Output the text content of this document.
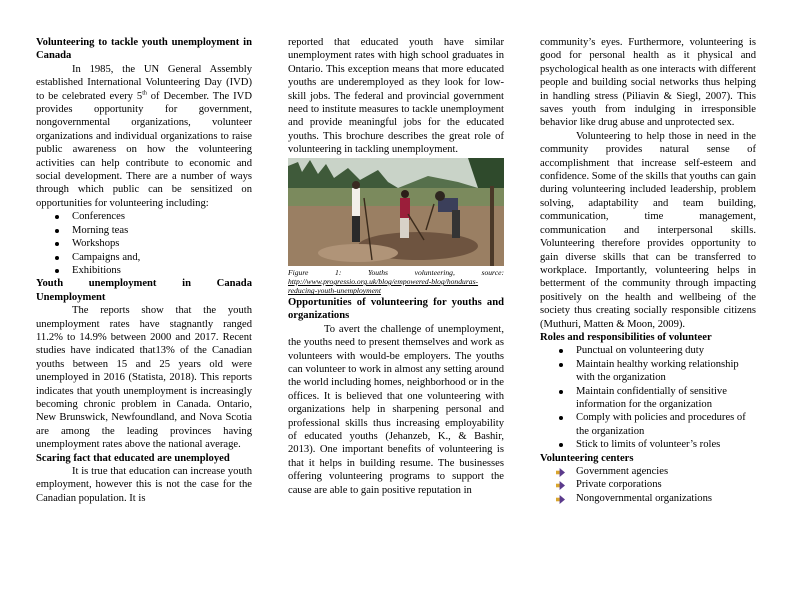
Volunteering to tackle youth unemployment in Canada

In 1985, the UN General Assembly established International Volunteering Day (IVD) to be celebrated every 5th of December. The IVD provides opportunity for government, nongovernmental organizations, volunteer organizations and individual organizations to raise public awareness on how the volunteering activities can help contribute to economic and social development. There are a number of ways through which public can be sensitized on opportunities for volunteering including:

Conferences
Morning teas
Workshops
Campaigns and,
Exhibitions
Youth unemployment in Canada Unemployment

The reports show that the youth unemployment rates have stagnantly ranged 11.2% to 14.9% between 2000 and 2017. Recent studies have indicated that13% of the Canadian youths between 15 and 25 years old were unemployed in 2016 (Statista, 2018). This reports indicates that youth unemployment is increasingly becoming chronic problem in Canada. Ontario, New Brunswick, Newfoundland, and Nova Scotia are among the leading provinces having unemployment rates above the national average.

Scaring fact that educated are unemployed

It is true that education can increase youth employment, however this is not the case for the Canadian population. It is

reported that educated youth have similar unemployment rates with high school graduates in Ontario. This exception means that more educated youths are underemployed as they look for low-skill jobs. The federal and provincial government need to institute measures to tackle unemployment and provide meaningful jobs for the educated youths. This brochure describes the great role of volunteering in tackling unemployment.

Figure 1: Youths volunteering, source: http://www.progressio.org.uk/blog/empowered-blog/honduras-reducing-youth-unemployment
Opportunities of volunteering for youths and organizations

To avert the challenge of unemployment, the youths need to present themselves and work as volunteers with would-be employers. The youths can volunteer to work in almost any setting around the world including homes, neighborhood or in the offices. It is believed that one volunteering with organizations help in sharpening personal and professional skills thus increasing employability of educated youths (Jehanzeb, K., & Bashir, 2013). One important benefits of volunteering is that it helps in building resume. The businesses offering volunteering programs to support the cause are able to gain positive reputation in

community’s eyes. Furthermore, volunteering is good for personal health as it physical and psychological health as one interacts with different people and building social networks thus helping in handling stress (Piliavin & Siegl, 2007). This saves youth from indulging in irresponsible behavior like drug abuse and unprotected sex.

Volunteering to help those in need in the community provides natural sense of accomplishment that increase self-esteem and confidence. Some of the skills that youths can gain during volunteering included leadership, problem solving, adaptability and team building, communication, time management, communication and interpersonal skills. Volunteering therefore provides opportunity to gain diverse skills that can be transferred to workplace. Importantly, volunteering helps in betterment of the community through impacting positively on the health and wellbeing of the society thus creating socially responsible citizens (Muthuri, Matten & Moon, 2009).

Roles and responsibilities of volunteer
Punctual on volunteering duty
Maintain healthy working relationship with the organization
Maintain confidentially of sensitive information for the organization
Comply with policies and procedures of the organization
Stick to limits of volunteer’s roles
Volunteering centers
Government agencies
Private corporations
Nongovernmental organizations
